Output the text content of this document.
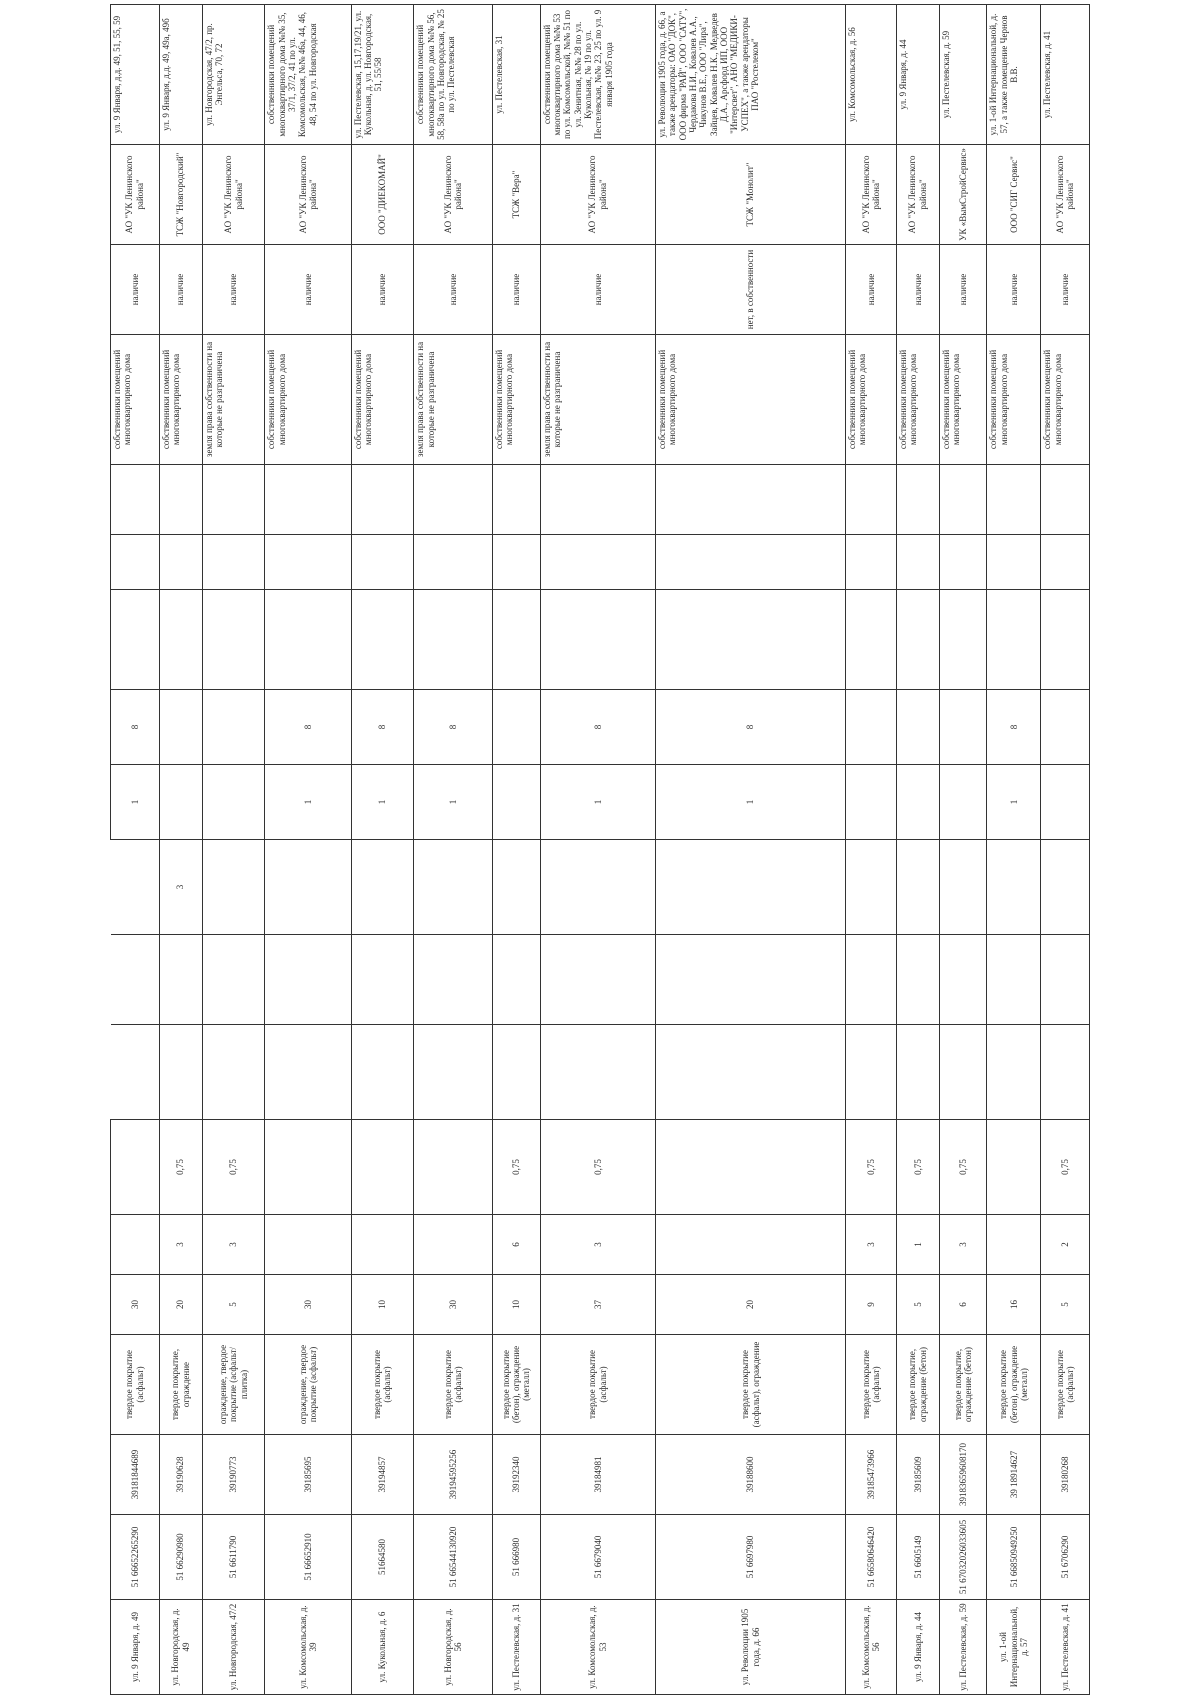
ул. 9 Января, д. 49	51 66652265290	39181844689	твердое покрытие (асфальт)	30						1	8				собственники помещений многоквартирного дома	наличие	АО "УК Ленинского района"	ул. 9 Января, д.д. 49, 51, 55, 59
ул. Новгородская, д. 49	51 66290980	39190628	твердое покрытие, ограждение	20	3	0,75			3						собственники помещений многоквартирного дома	наличие	ТСЖ "Новгородский"	ул. 9 Января, д.д. 49, 49а, 49б
ул. Новгородская, 47/2	51 6611790	39190773	ограждение, твердое покрытие (асфальт/плитка)	5	3	0,75									земля права собственности на которые не разграничена	наличие	АО "УК Ленинского района"	ул. Новгородская, 47/2, пр. Энгельса, 70, 72
ул. Комсомольская, д. 39	51 66652910	39185695	ограждение, твердое покрытие (асфальт)	30						1	8				собственники помещений многоквартирного дома	наличие	АО "УК Ленинского района"	собственники помещений многоквартирного дома №№ 35, 37/1, 37/2, 41 по ул. Комсомольская, №№ 46а, 44, 46, 48, 54 по ул. Новгородская
ул. Кукольная, д. 6	51664580	39194857	твердое покрытие (асфальт)	10						1	8				собственники помещений многоквартирного дома	наличие	ООО "ДИЕКОМАЙ"	ул. Пестелевская, 15,17,19/21, ул. Кукольная, д. ул. Новгородская, 51, 55/58
ул. Новгородская, д. 56	51 66544130920	39194595256	твердое покрытие (асфальт)	30						1	8				земля права собственности на которые не разграничена	наличие	АО "УК Ленинского района"	собственники помещений многоквартирного дома №№ 56, 58, 58а по ул. Новгородская, № 25 по ул. Пестелевская
ул. Пестелевская, д. 31	51 666980	39192340	твердое покрытие (бетон), ограждение (металл)	10	6	0,75									собственники помещений многоквартирного дома	наличие	ТСЖ "Вера"	ул. Пестелевская, 31
ул. Комсомольская, д. 53	51 6679040	39184981	твердое покрытие (асфальт)	37	3	0,75				1	8				земля права собственности на которые не разграничена	наличие	АО "УК Ленинского района"	собственники помещений многоквартирного дома №№ 53 по ул. Комсомольской, №№ 51 по ул. Зенитная, №№ 28 по ул. Кукольная, № 19 по ул. Пестелевская, №№ 23, 25 по ул. 9 января 1905 года
ул. Революции 1905 года, д. 66	51 6697980	39188600	твердое покрытие (асфальт), ограждение	20						1	8				собственники помещений многоквартирного дома	нет, в собственности	ТСЖ "Монолит"	ул. Революции 1905 года, д. 66, а также арендаторы: ОАО "ДОК", ООО фирма "РАЙ", ООО "САТУ", Чердакова Н.И., Ковалев А.А., Чикунов В.Е., ООО "Лира", Зайцев, Ковалев Н.К., Медведев Д.А., Арсфорд ИП, ООО "Интерсвет", АНО "МЕДИКИ-УСПЕХ", а также арендаторы ПАО "Ростелеком"
ул. Комсомольская, д. 56	51 66580646420	39185473966	твердое покрытие (асфальт)	9	3	0,75									собственники помещений многоквартирного дома	наличие	АО "УК Ленинского района"	ул. Комсомольская, д. 56
ул. 9 Января, д. 44	51 6605149	39185609	твердое покрытие, ограждение (бетон)	5	1	0,75									собственники помещений многоквартирного дома	наличие	АО "УК Ленинского района"	ул. 9 Января, д. 44
ул. Пестелевская, д. 59	51 67032026033605	39183659608170	твердое покрытие, ограждение (бетон)	6	3	0,75									собственники помещений многоквартирного дома	наличие	УК «ВымСтройСервис»	ул. Пестелевская, д. 59
ул. 1-ой Интернациональной, д. 57	51 66850949250	39 18914627	твердое покрытие (бетон), ограждение (металл)	16						1	8				собственники помещений многоквартирного дома	наличие	ООО "СИГ Сервис"	ул. 1-ой Интернациональной, д. 57, а также помещение Чернов В.В.
ул. Пестелевская, д. 41	51 6706290	39180268	твердое покрытие (асфальт)	5	2	0,75									собственники помещений многоквартирного дома	наличие	АО "УК Ленинского района"	ул. Пестелевская, д. 41
